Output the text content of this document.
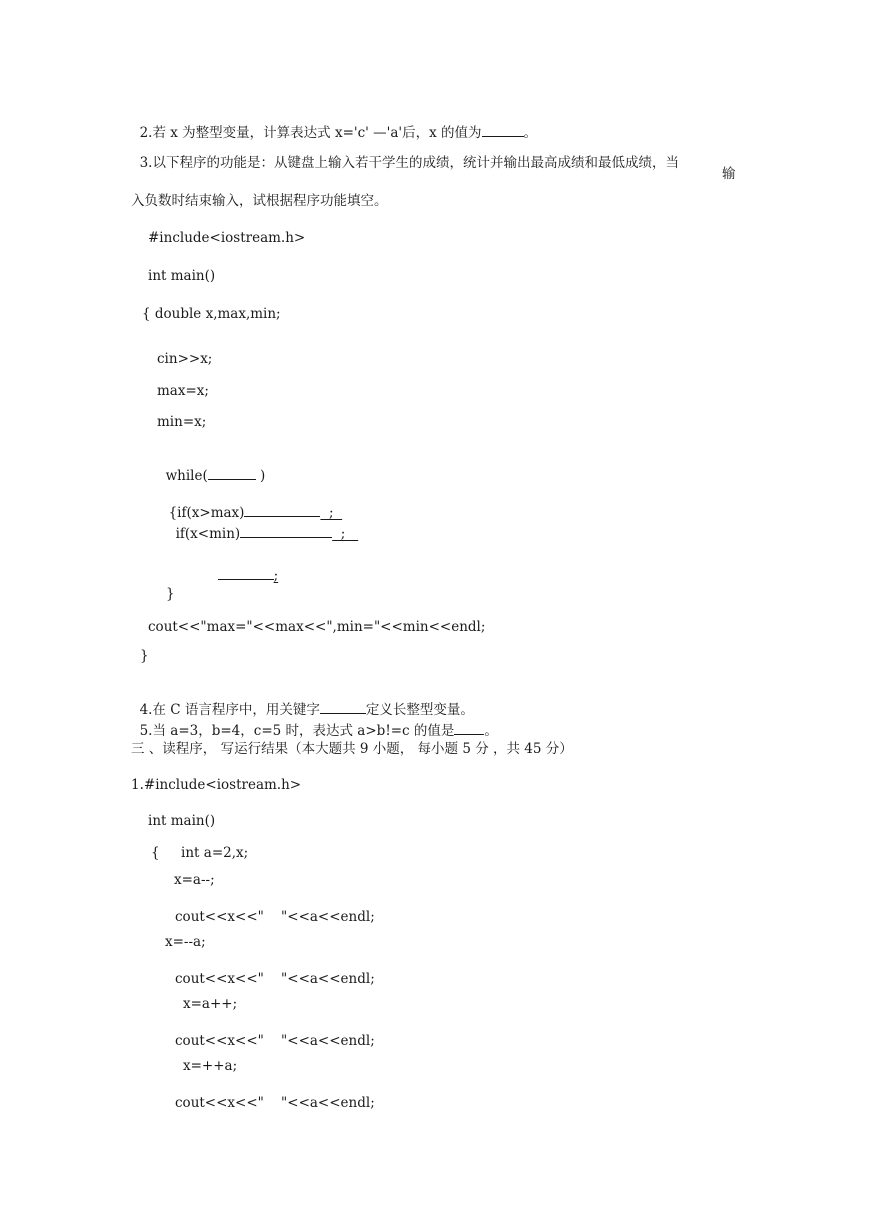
2.若 x 为整型变量，计算表达式 x='c' —'a'后，x 的值为	。

3.以下程序的功能是：从键盘上输入若干学生的成绩，统计并输出最高成绩和最低成绩，当

输
入负数时结束输入，试根据程序功能填空。
#include<iostream.h>
int main()
{ double x,max,min;
cin>>x;
max=x;
min=x;

while(	)

{if(x>max)	;

if(x<min)	;

;

}
cout<<"max="<<max<<",min="<<min<<endl;
}

4.在 C 语言程序中，用关键字	定义长整型变量。

5.当 a=3，b=4，c=5 时，表达式 a>b!=c 的值是 。

三 、读程序， 写运行结果（本大题共 9 小题， 每小题 5 分 ，共 45 分）
1.#include<iostream.h>
int main()
{     int a=2,x;
x=a--;
cout<<x<<"    "<<a<<endl;
x=--a;
cout<<x<<"    "<<a<<endl;
x=a++;
cout<<x<<"    "<<a<<endl;
x=++a;
cout<<x<<"    "<<a<<endl;
